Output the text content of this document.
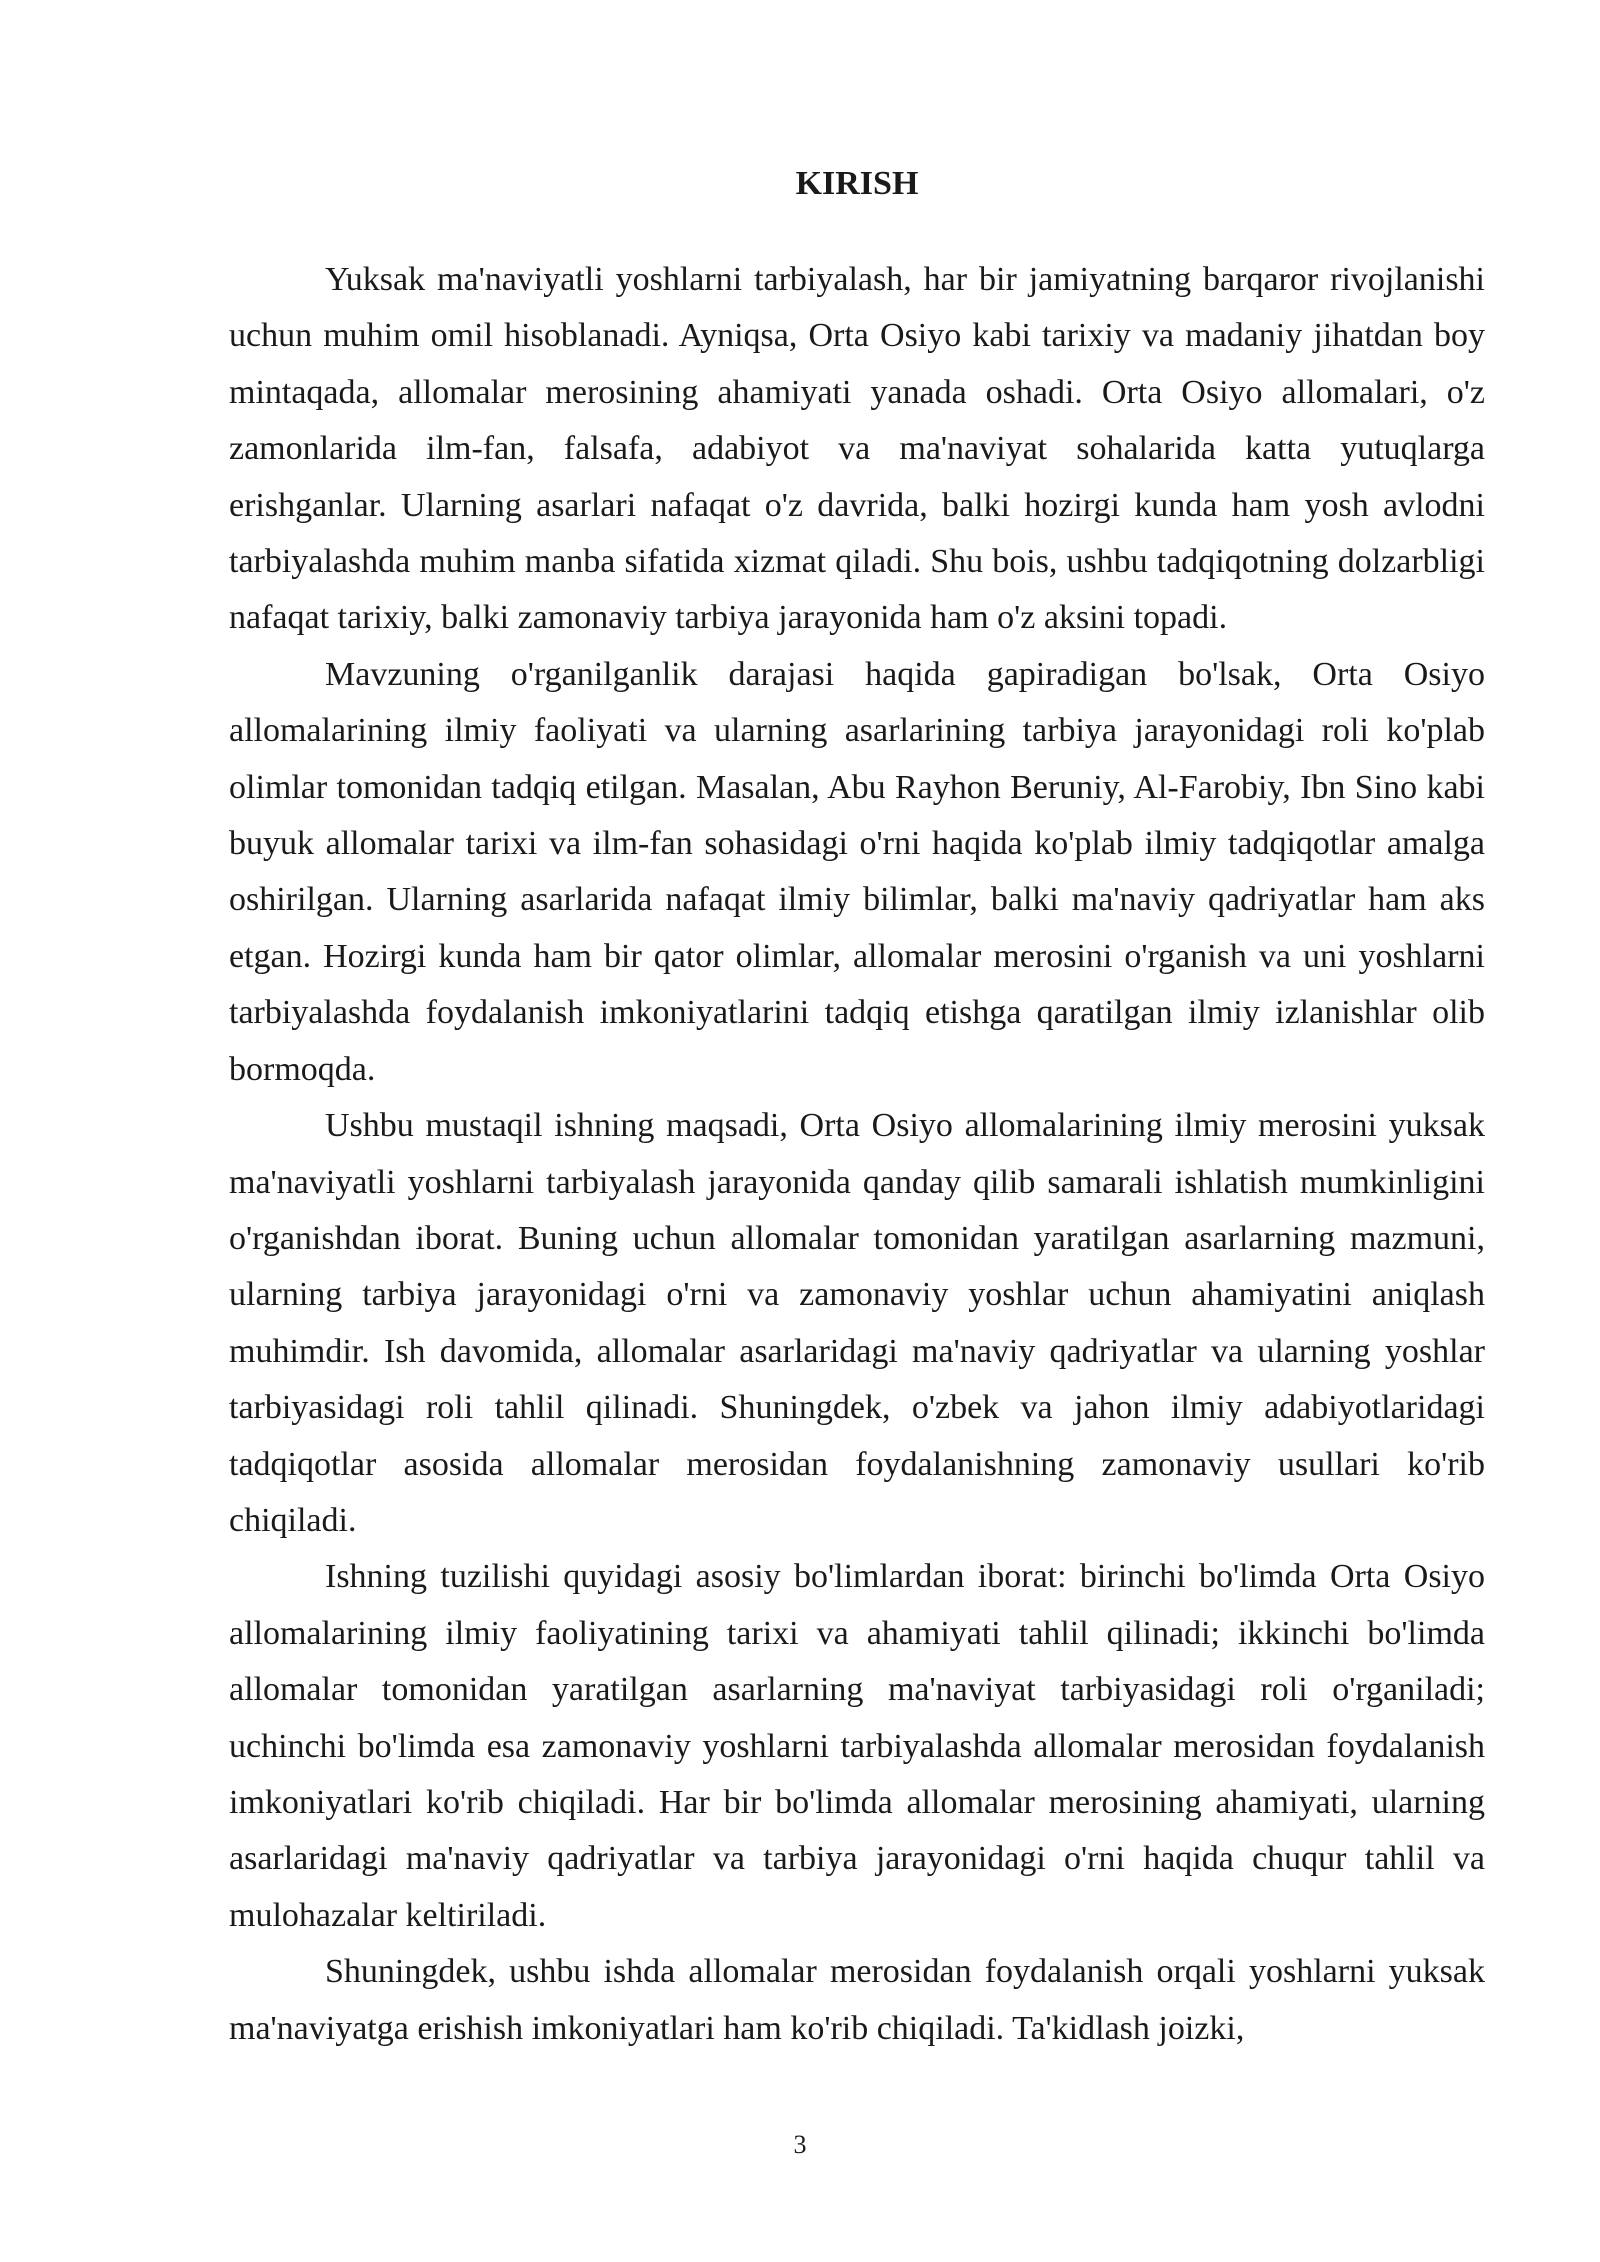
KIRISH

Yuksak ma'naviyatli yoshlarni tarbiyalash, har bir jamiyatning barqaror rivojlanishi uchun muhim omil hisoblanadi. Ayniqsa, Orta Osiyo kabi tarixiy va madaniy jihatdan boy mintaqada, allomalar merosining ahamiyati yanada oshadi. Orta Osiyo allomalari, o'z zamonlarida ilm-fan, falsafa, adabiyot va ma'naviyat sohalarida katta yutuqlarga erishganlar. Ularning asarlari nafaqat o'z davrida, balki hozirgi kunda ham yosh avlodni tarbiyalashda muhim manba sifatida xizmat qiladi. Shu bois, ushbu tadqiqotning dolzarbligi nafaqat tarixiy, balki zamonaviy tarbiya jarayonida ham o'z aksini topadi.

Mavzuning o'rganilganlik darajasi haqida gapiradigan bo'lsak, Orta Osiyo allomalarining ilmiy faoliyati va ularning asarlarining tarbiya jarayonidagi roli ko'plab olimlar tomonidan tadqiq etilgan. Masalan, Abu Rayhon Beruniy, Al-Farobiy, Ibn Sino kabi buyuk allomalar tarixi va ilm-fan sohasidagi o'rni haqida ko'plab ilmiy tadqiqotlar amalga oshirilgan. Ularning asarlarida nafaqat ilmiy bilimlar, balki ma'naviy qadriyatlar ham aks etgan. Hozirgi kunda ham bir qator olimlar, allomalar merosini o'rganish va uni yoshlarni tarbiyalashda foydalanish imkoniyatlarini tadqiq etishga qaratilgan ilmiy izlanishlar olib bormoqda.

Ushbu mustaqil ishning maqsadi, Orta Osiyo allomalarining ilmiy merosini yuksak ma'naviyatli yoshlarni tarbiyalash jarayonida qanday qilib samarali ishlatish mumkinligini o'rganishdan iborat. Buning uchun allomalar tomonidan yaratilgan asarlarning mazmuni, ularning tarbiya jarayonidagi o'rni va zamonaviy yoshlar uchun ahamiyatini aniqlash muhimdir. Ish davomida, allomalar asarlaridagi ma'naviy qadriyatlar va ularning yoshlar tarbiyasidagi roli tahlil qilinadi. Shuningdek, o'zbek va jahon ilmiy adabiyotlaridagi tadqiqotlar asosida allomalar merosidan foydalanishning zamonaviy usullari ko'rib chiqiladi.

Ishning tuzilishi quyidagi asosiy bo'limlardan iborat: birinchi bo'limda Orta Osiyo allomalarining ilmiy faoliyatining tarixi va ahamiyati tahlil qilinadi; ikkinchi bo'limda allomalar tomonidan yaratilgan asarlarning ma'naviyat tarbiyasidagi roli o'rganiladi; uchinchi bo'limda esa zamonaviy yoshlarni tarbiyalashda allomalar merosidan foydalanish imkoniyatlari ko'rib chiqiladi. Har bir bo'limda allomalar merosining ahamiyati, ularning asarlaridagi ma'naviy qadriyatlar va tarbiya jarayonidagi o'rni haqida chuqur tahlil va mulohazalar keltiriladi.

Shuningdek, ushbu ishda allomalar merosidan foydalanish orqali yoshlarni yuksak ma'naviyatga erishish imkoniyatlari ham ko'rib chiqiladi. Ta'kidlash joizki,

3
